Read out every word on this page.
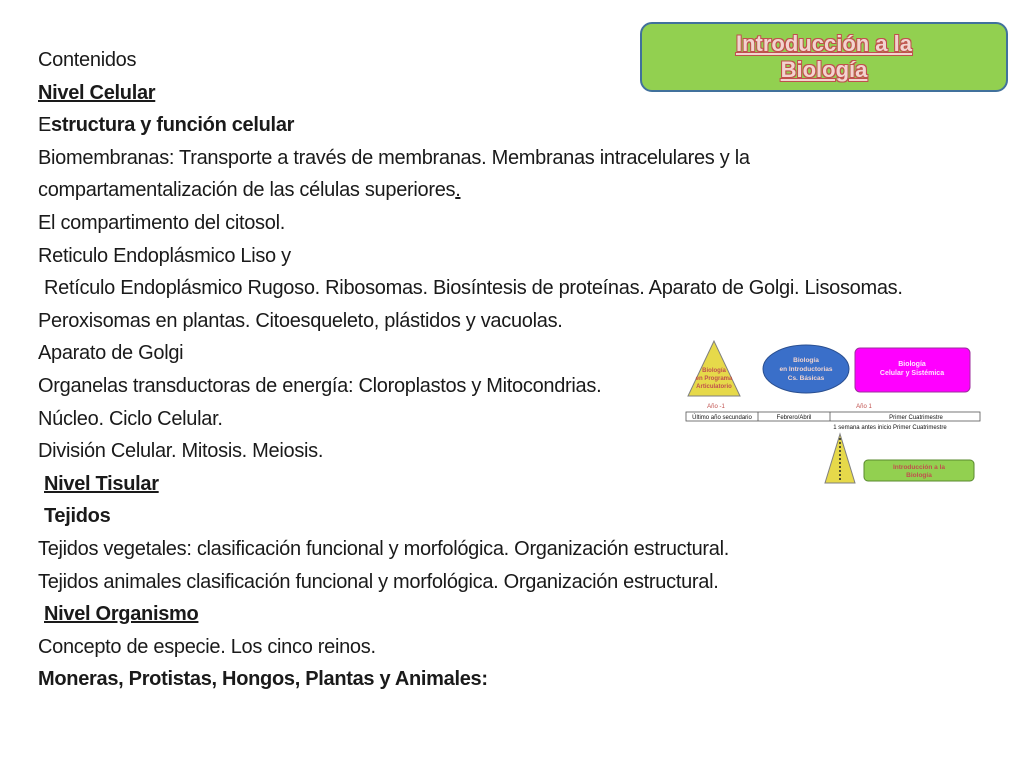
Introducción a la
Biología
Contenidos
Nivel Celular
Estructura y función celular
Biomembranas: Transporte a través de membranas. Membranas intracelulares y la
compartamentalización de las células superiores.
El compartimento del citosol.
Reticulo Endoplásmico Liso y
Retículo Endoplásmico Rugoso. Ribosomas. Biosíntesis de proteínas. Aparato de Golgi. Lisosomas.
Peroxisomas en plantas. Citoesqueleto, plástidos y vacuolas.
Aparato de Golgi
Organelas transductoras de energía: Cloroplastos y Mitocondrias.
Núcleo. Ciclo Celular.
División Celular. Mitosis. Meiosis.
Nivel Tisular
Tejidos
Tejidos vegetales: clasificación funcional y morfológica. Organización estructural.
Tejidos animales clasificación funcional y morfológica. Organización estructural.
Nivel Organismo
Concepto de especie. Los cinco reinos.
Moneras, Protistas, Hongos, Plantas y Animales:
Biología
en Programa
Articulatorio
Biología
en Introductorias
Cs. Básicas
Biología
Celular y Sistémica
Año -1	Año 1
Último año secundario	Febrero/Abril	Primer Cuatrimestre
1 semana antes inicio Primer Cuatrimestre
Introducción a la
Biología
